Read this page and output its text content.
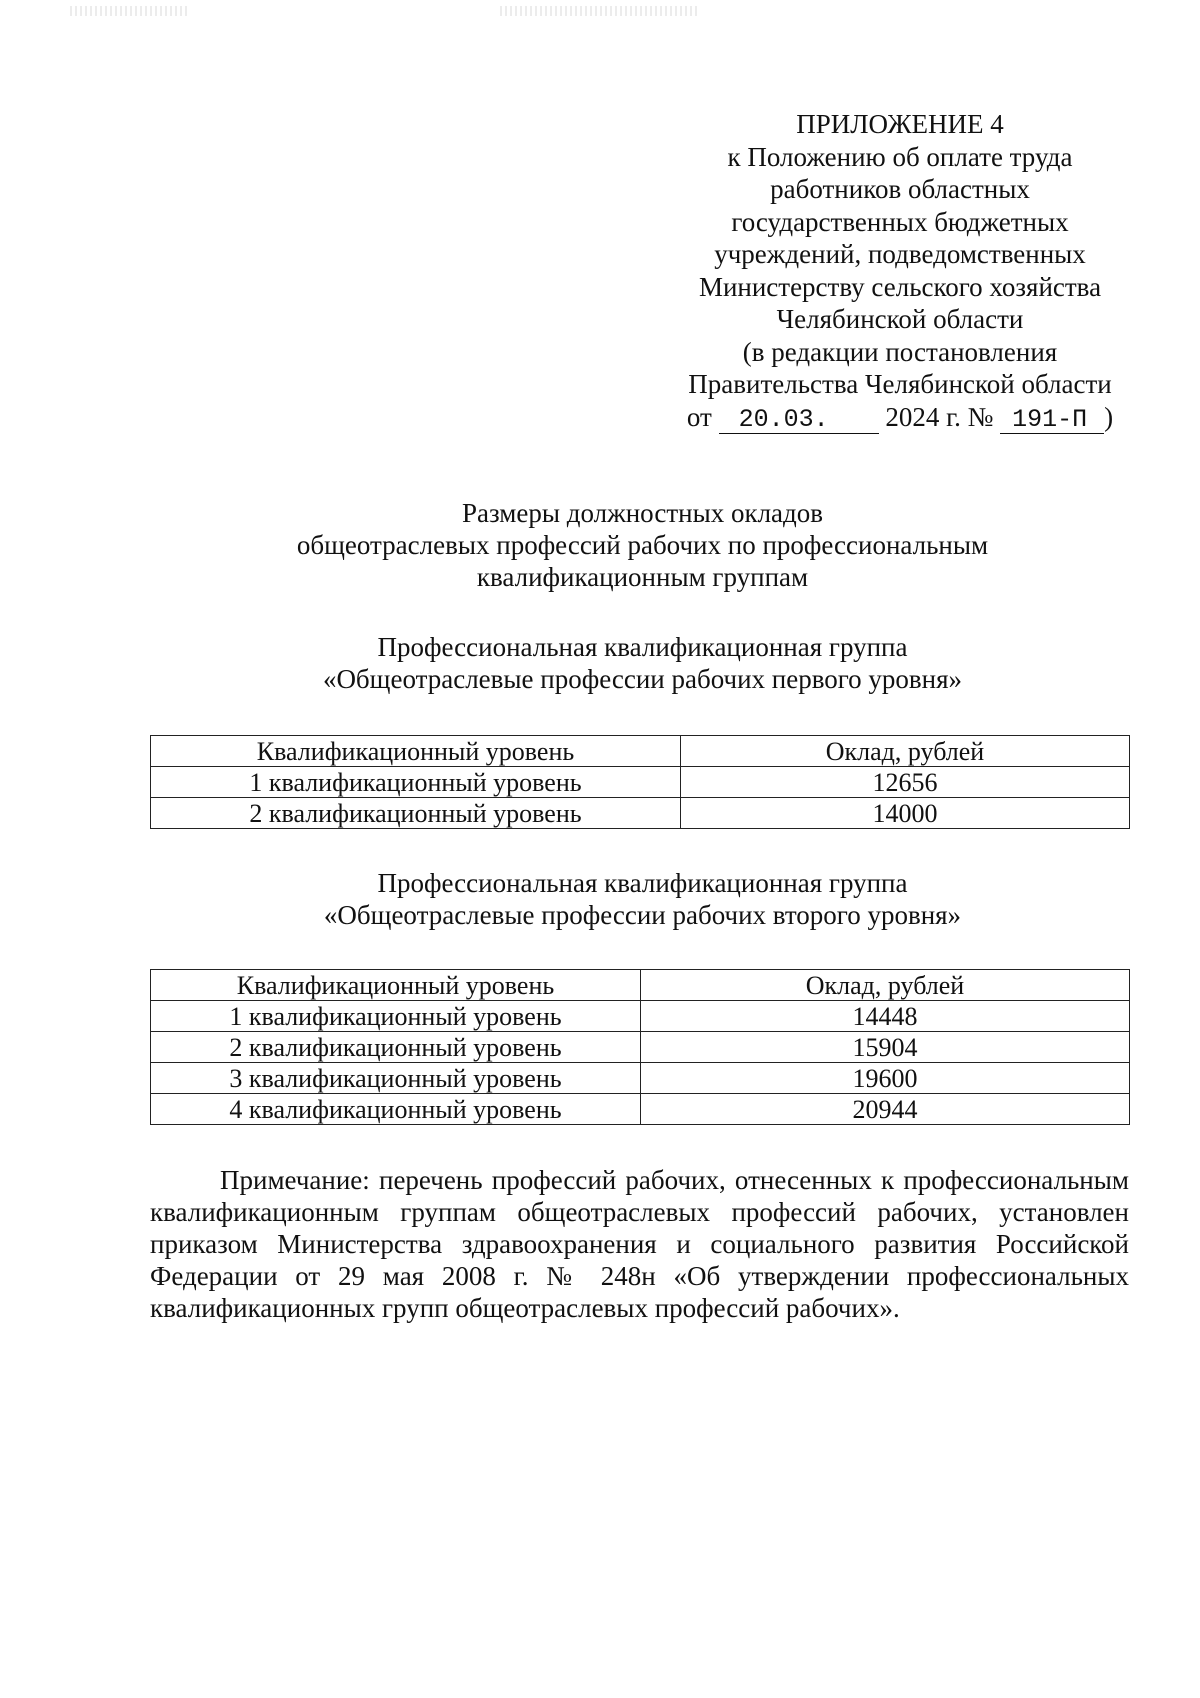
ПРИЛОЖЕНИЕ 4
к Положению об оплате труда
работников областных
государственных бюджетных
учреждений, подведомственных
Министерству сельского хозяйства
Челябинской области
(в редакции постановления
Правительства Челябинской области
от 20.03. 2024 г. № 191-П )
Размеры должностных окладов
общеотраслевых профессий рабочих по профессиональным
квалификационным группам
Профессиональная квалификационная группа
«Общеотраслевые профессии рабочих первого уровня»
Квалификационный уровень	Оклад, рублей
1 квалификационный уровень	12656
2 квалификационный уровень	14000
Профессиональная квалификационная группа
«Общеотраслевые профессии рабочих второго уровня»
Квалификационный уровень	Оклад, рублей
1 квалификационный уровень	14448
2 квалификационный уровень	15904
3 квалификационный уровень	19600
4 квалификационный уровень	20944
Примечание: перечень профессий рабочих, отнесенных к профессиональным квалификационным группам общеотраслевых профессий рабочих, установлен приказом Министерства здравоохранения и социального развития Российской Федерации от 29 мая 2008 г. № 248н «Об утверждении профессиональных квалификационных групп общеотраслевых профессий рабочих».
